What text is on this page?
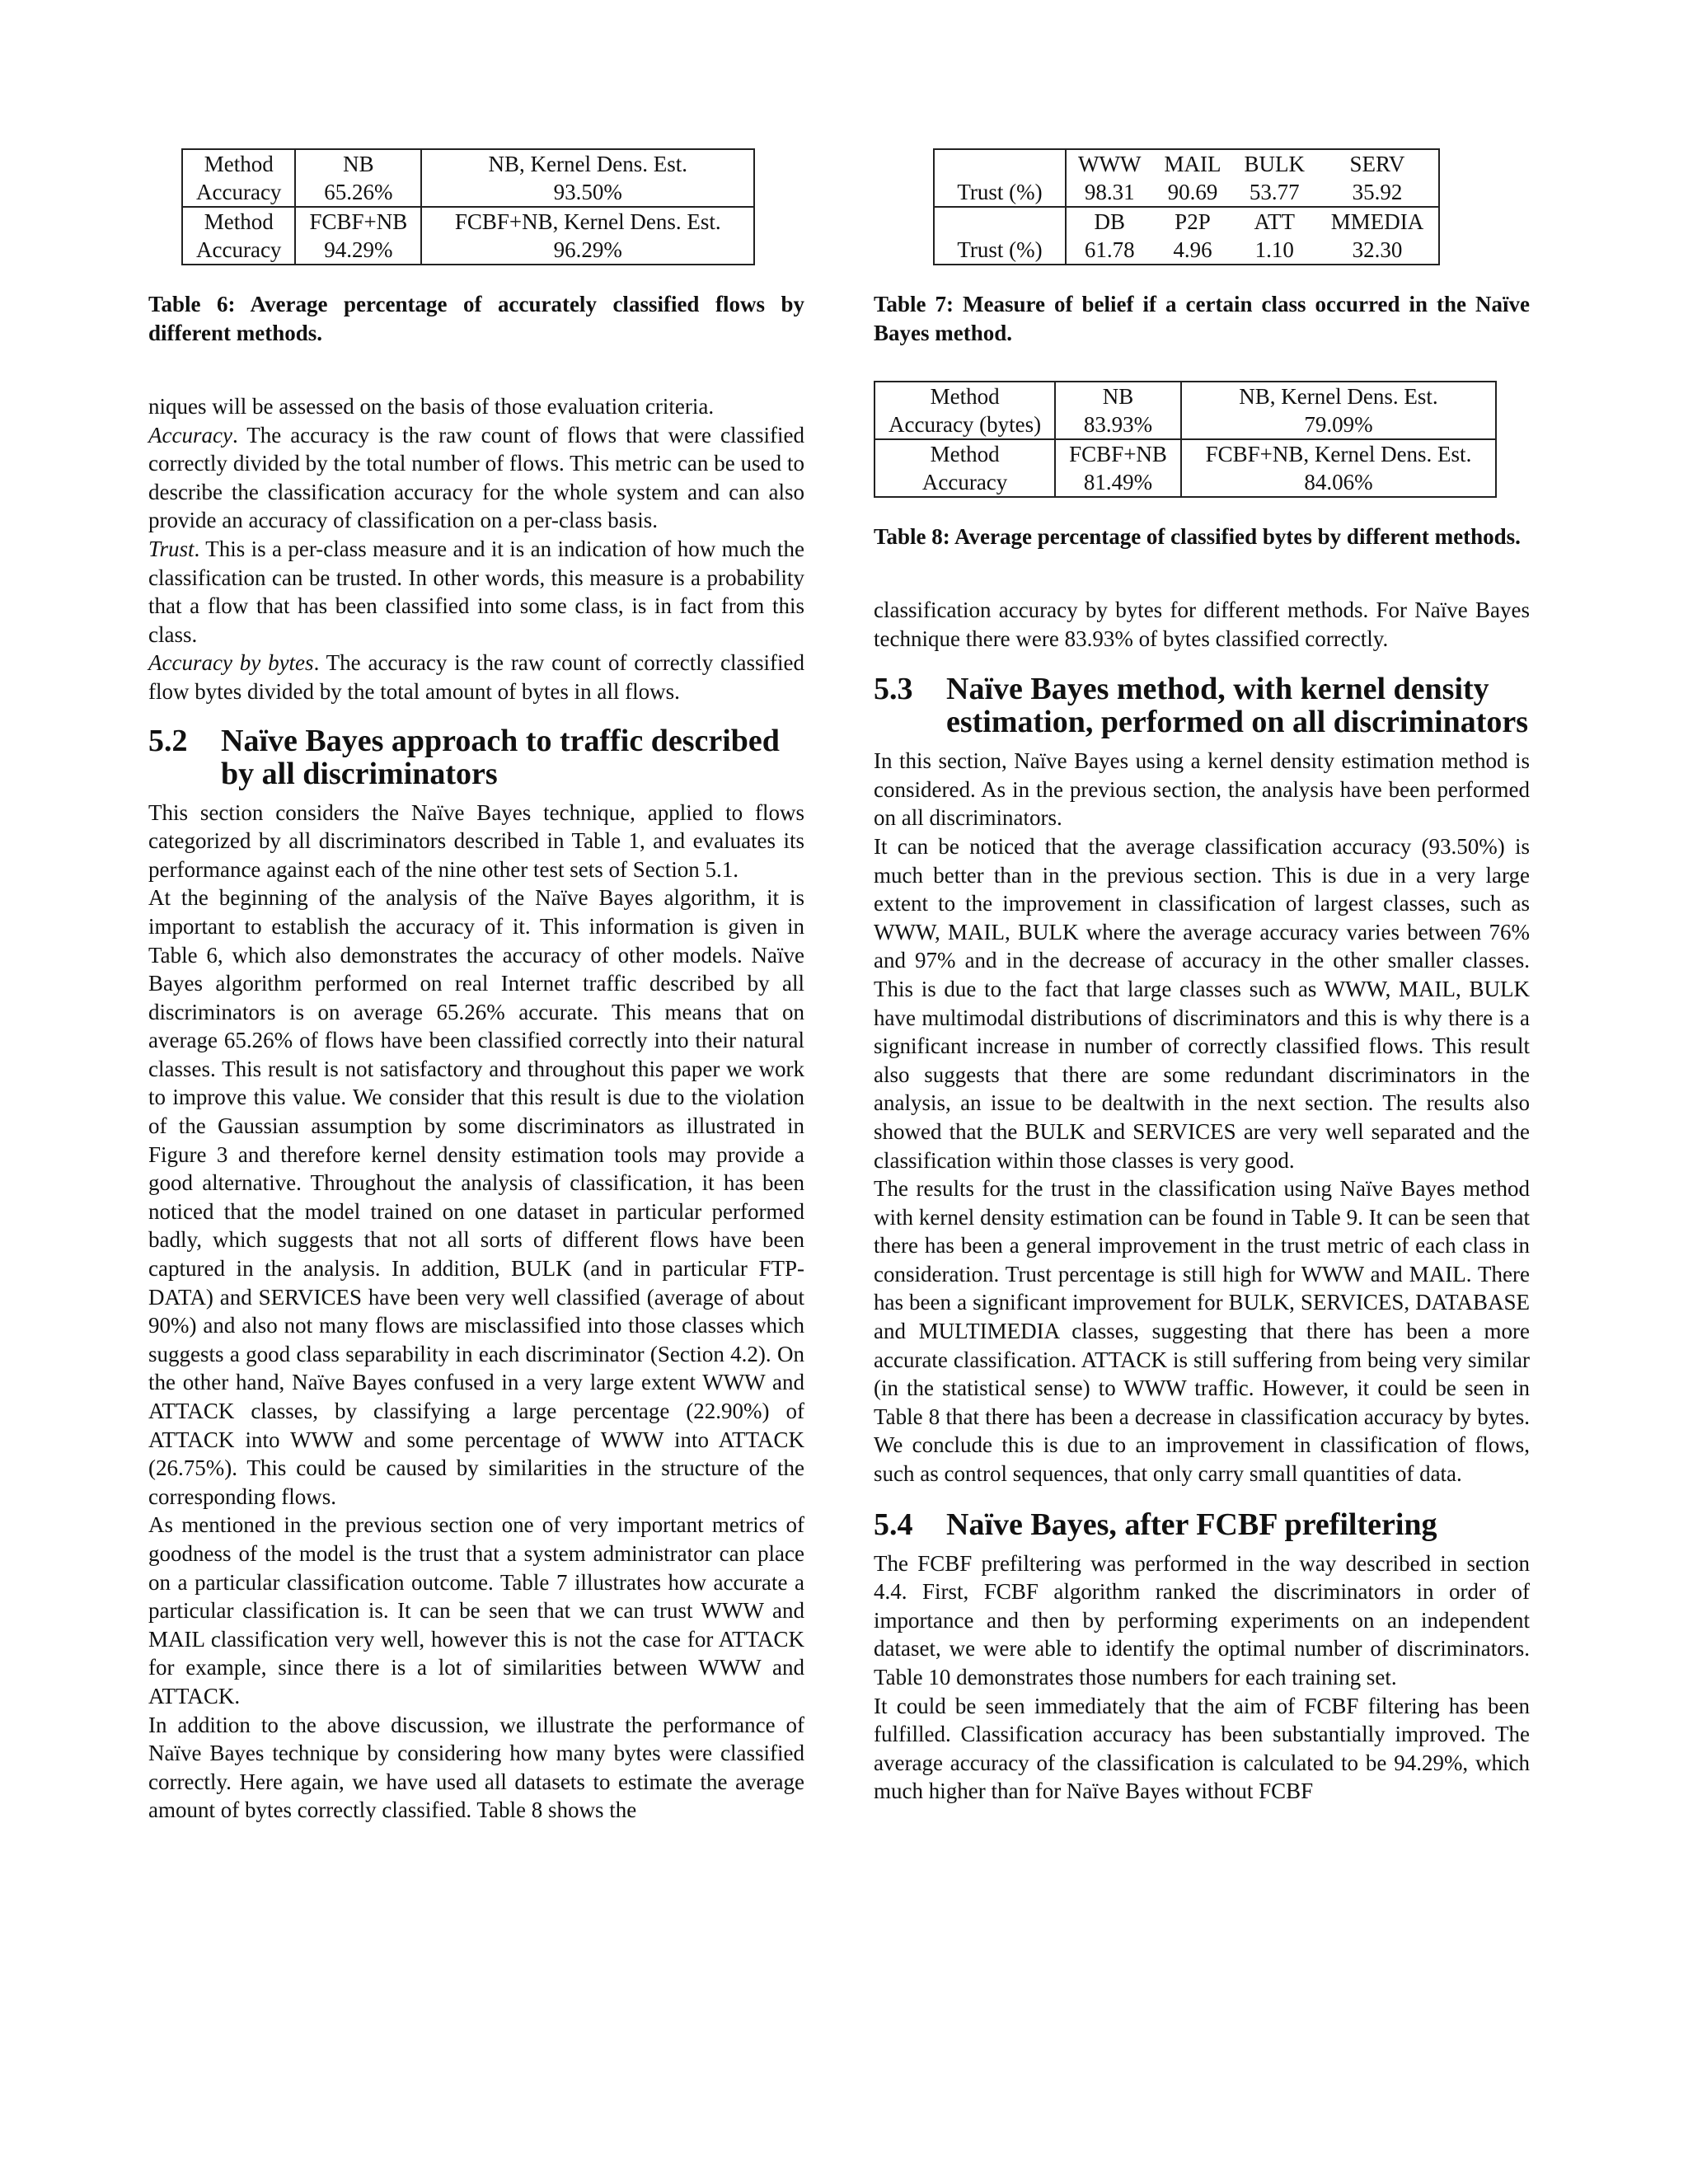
Method	NB	NB, Kernel Dens. Est.
Accuracy	65.26%	93.50%
Method	FCBF+NB	FCBF+NB, Kernel Dens. Est.
Accuracy	94.29%	96.29%

Table 6: Average percentage of accurately classified flows by different methods.

niques will be assessed on the basis of those evaluation criteria.

Accuracy. The accuracy is the raw count of flows that were classified correctly divided by the total number of flows. This metric can be used to describe the classification accuracy for the whole system and can also provide an accuracy of classification on a per-class basis.

Trust. This is a per-class measure and it is an indication of how much the classification can be trusted. In other words, this measure is a probability that a flow that has been classified into some class, is in fact from this class.

Accuracy by bytes. The accuracy is the raw count of correctly classified flow bytes divided by the total amount of bytes in all flows.

5.2	Naïve Bayes approach to traffic described by all discriminators

This section considers the Naïve Bayes technique, applied to flows categorized by all discriminators described in Table 1, and evaluates its performance against each of the nine other test sets of Section 5.1.

At the beginning of the analysis of the Naïve Bayes algorithm, it is important to establish the accuracy of it. This information is given in Table 6, which also demonstrates the accuracy of other models. Naïve Bayes algorithm performed on real Internet traffic described by all discriminators is on average 65.26% accurate. This means that on average 65.26% of flows have been classified correctly into their natural classes. This result is not satisfactory and throughout this paper we work to improve this value. We consider that this result is due to the violation of the Gaussian assumption by some discriminators as illustrated in Figure 3 and therefore kernel density estimation tools may provide a good alternative. Throughout the analysis of classification, it has been noticed that the model trained on one dataset in particular performed badly, which suggests that not all sorts of different flows have been captured in the analysis. In addition, BULK (and in particular FTP-DATA) and SERVICES have been very well classified (average of about 90%) and also not many flows are misclassified into those classes which suggests a good class separability in each discriminator (Section 4.2). On the other hand, Naïve Bayes confused in a very large extent WWW and ATTACK classes, by classifying a large percentage (22.90%) of ATTACK into WWW and some percentage of WWW into ATTACK (26.75%). This could be caused by similarities in the structure of the corresponding flows.

As mentioned in the previous section one of very important metrics of goodness of the model is the trust that a system administrator can place on a particular classification outcome. Table 7 illustrates how accurate a particular classification is. It can be seen that we can trust WWW and MAIL classification very well, however this is not the case for ATTACK for example, since there is a lot of similarities between WWW and ATTACK.

In addition to the above discussion, we illustrate the performance of Naïve Bayes technique by considering how many bytes were classified correctly. Here again, we have used all datasets to estimate the average amount of bytes correctly classified. Table 8 shows the

	WWW	MAIL	BULK	SERV
Trust (%)	98.31	90.69	53.77	35.92
	DB	P2P	ATT	MMEDIA
Trust (%)	61.78	4.96	1.10	32.30

Table 7: Measure of belief if a certain class occurred in the Naïve Bayes method.

Method	NB	NB, Kernel Dens. Est.
Accuracy (bytes)	83.93%	79.09%
Method	FCBF+NB	FCBF+NB, Kernel Dens. Est.
Accuracy	81.49%	84.06%

Table 8: Average percentage of classified bytes by different methods.

classification accuracy by bytes for different methods. For Naïve Bayes technique there were 83.93% of bytes classified correctly.

5.3	Naïve Bayes method, with kernel density estimation, performed on all discriminators

In this section, Naïve Bayes using a kernel density estimation method is considered. As in the previous section, the analysis have been performed on all discriminators.

It can be noticed that the average classification accuracy (93.50%) is much better than in the previous section. This is due in a very large extent to the improvement in classification of largest classes, such as WWW, MAIL, BULK where the average accuracy varies between 76% and 97% and in the decrease of accuracy in the other smaller classes. This is due to the fact that large classes such as WWW, MAIL, BULK have multimodal distributions of discriminators and this is why there is a significant increase in number of correctly classified flows. This result also suggests that there are some redundant discriminators in the analysis, an issue to be dealtwith in the next section. The results also showed that the BULK and SERVICES are very well separated and the classification within those classes is very good.

The results for the trust in the classification using Naïve Bayes method with kernel density estimation can be found in Table 9. It can be seen that there has been a general improvement in the trust metric of each class in consideration. Trust percentage is still high for WWW and MAIL. There has been a significant improvement for BULK, SERVICES, DATABASE and MULTIMEDIA classes, suggesting that there has been a more accurate classification. ATTACK is still suffering from being very similar (in the statistical sense) to WWW traffic. However, it could be seen in Table 8 that there has been a decrease in classification accuracy by bytes. We conclude this is due to an improvement in classification of flows, such as control sequences, that only carry small quantities of data.

5.4	Naïve Bayes, after FCBF prefiltering

The FCBF prefiltering was performed in the way described in section 4.4. First, FCBF algorithm ranked the discriminators in order of importance and then by performing experiments on an independent dataset, we were able to identify the optimal number of discriminators. Table 10 demonstrates those numbers for each training set.

It could be seen immediately that the aim of FCBF filtering has been fulfilled. Classification accuracy has been substantially improved. The average accuracy of the classification is calculated to be 94.29%, which much higher than for Naïve Bayes without FCBF
